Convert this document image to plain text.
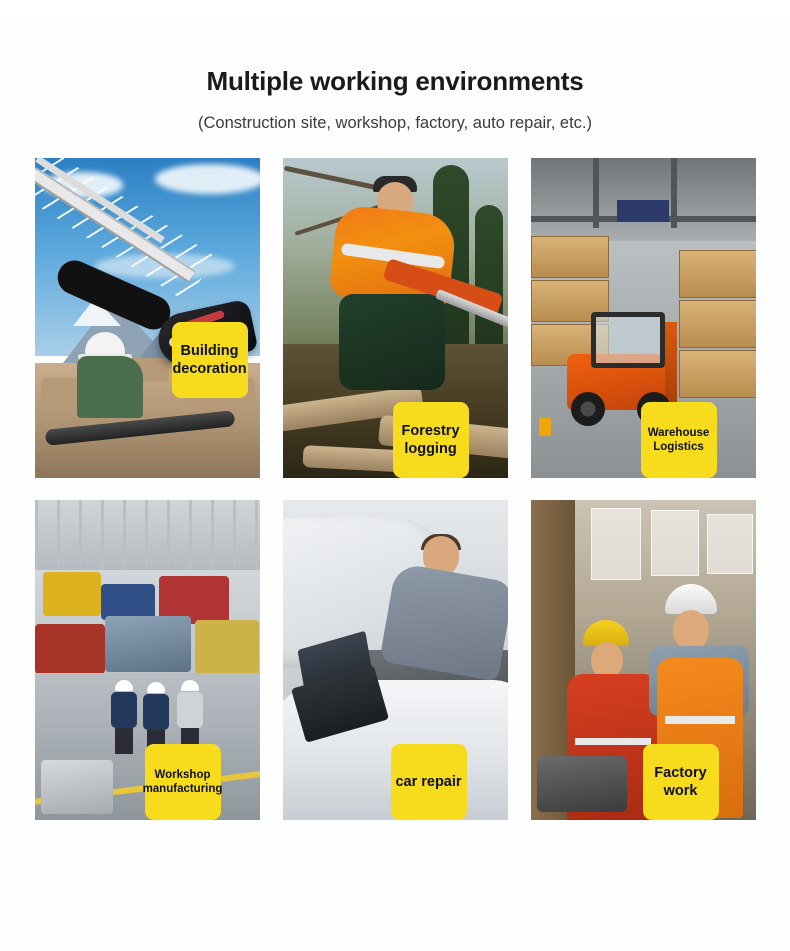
Multiple working environments
(Construction site, workshop, factory, auto repair, etc.)
Building
decoration
Forestry
logging
Warehouse
Logistics
Workshop
manufacturing	car repair
Factory
work
